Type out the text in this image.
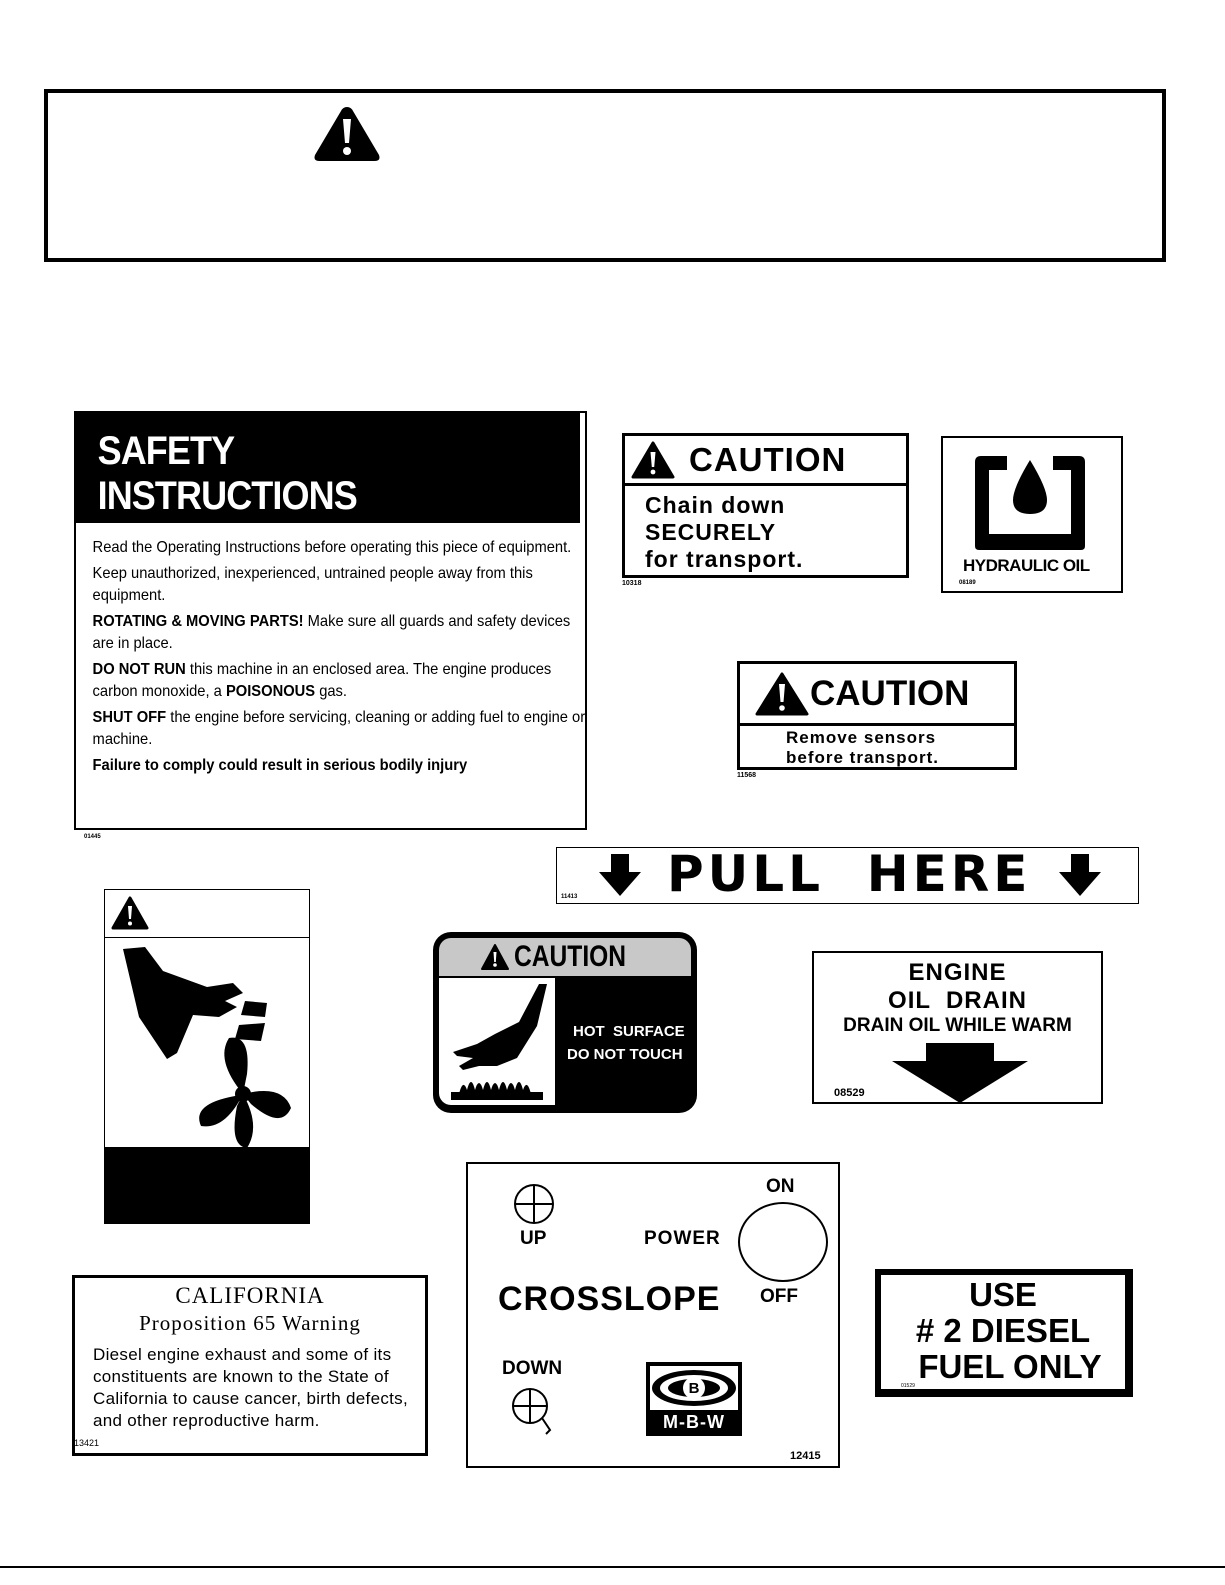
SAFETY
INSTRUCTIONS

Read the Operating Instructions before operating this piece of equipment.

Keep unauthorized, inexperienced, untrained people away from this equipment.

ROTATING & MOVING PARTS! Make sure all guards and safety devices are in place.

DO NOT RUN this machine in an enclosed area. The engine produces carbon monoxide, a POISONOUS gas.

SHUT OFF the engine before servicing, cleaning or adding fuel to engine or machine.

Failure to comply could result in serious bodily injury

01445
CAUTION
Chain down
SECURELY
for transport.
10318
HYDRAULIC OIL
08189
CAUTION
Remove sensors
before transport.
11568
PULL  HERE
11413
CAUTION
HOT  SURFACE
DO NOT TOUCH
ENGINE
OIL  DRAIN
DRAIN OIL WHILE WARM
08529
CALIFORNIA
Proposition 65 Warning
Diesel engine exhaust and some of its constituents are known to the State of California to cause cancer, birth defects, and other reproductive harm.
13421
UP	POWER
ON
OFF
CROSSLOPE
DOWN
B
M-B-W
12415
USE
# 2 DIESEL
FUEL ONLY
01529
